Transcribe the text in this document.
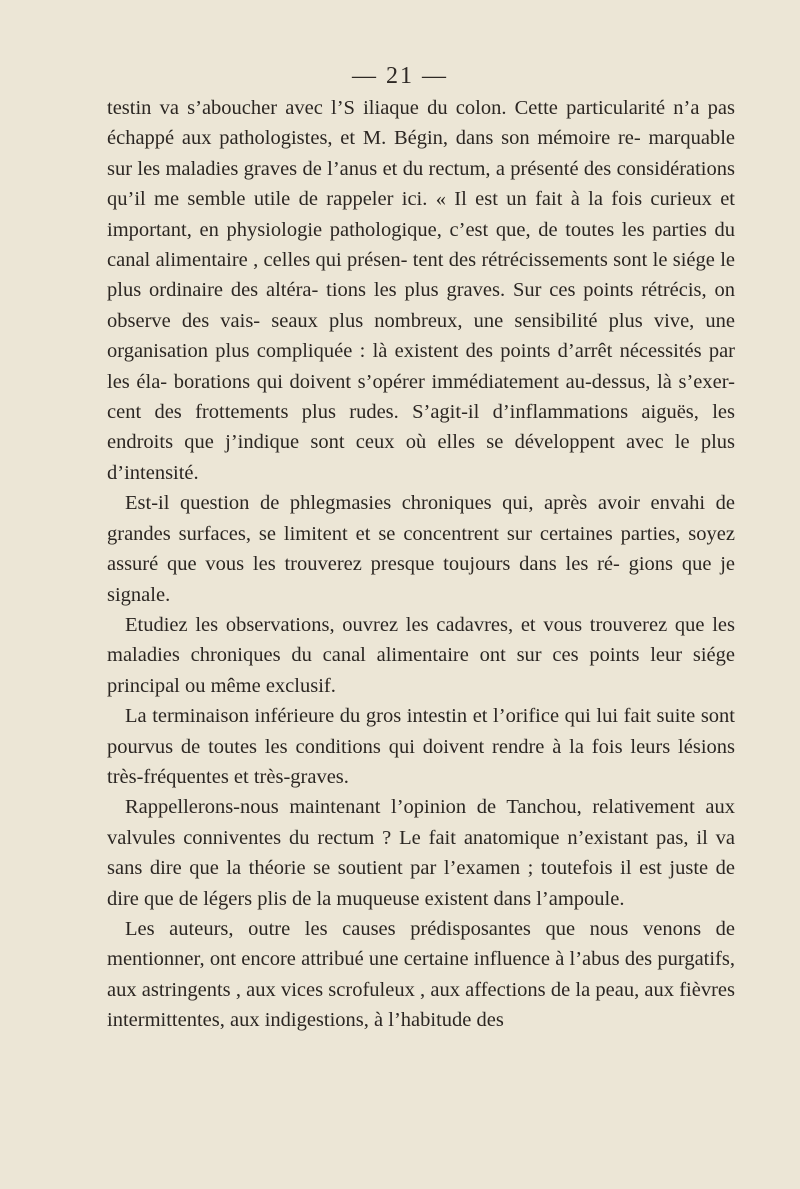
— 21 —

testin va s’aboucher avec l’S iliaque du colon. Cette particularité n’a pas échappé aux pathologistes, et M. Bégin, dans son mémoire re- marquable sur les maladies graves de l’anus et du rectum, a présenté des considérations qu’il me semble utile de rappeler ici. « Il est un fait à la fois curieux et important, en physiologie pathologique, c’est que, de toutes les parties du canal alimentaire , celles qui présen- tent des rétrécissements sont le siége le plus ordinaire des altéra- tions les plus graves. Sur ces points rétrécis, on observe des vais- seaux plus nombreux, une sensibilité plus vive, une organisation plus compliquée : là existent des points d’arrêt nécessités par les éla- borations qui doivent s’opérer immédiatement au-dessus, là s’exer- cent des frottements plus rudes. S’agit-il d’inflammations aiguës, les endroits que j’indique sont ceux où elles se développent avec le plus d’intensité.

Est-il question de phlegmasies chroniques qui, après avoir envahi de grandes surfaces, se limitent et se concentrent sur certaines parties, soyez assuré que vous les trouverez presque toujours dans les ré- gions que je signale.

Etudiez les observations, ouvrez les cadavres, et vous trouverez que les maladies chroniques du canal alimentaire ont sur ces points leur siége principal ou même exclusif.

La terminaison inférieure du gros intestin et l’orifice qui lui fait suite sont pourvus de toutes les conditions qui doivent rendre à la fois leurs lésions très-fréquentes et très-graves.

Rappellerons-nous maintenant l’opinion de Tanchou, relativement aux valvules conniventes du rectum ? Le fait anatomique n’existant pas, il va sans dire que la théorie se soutient par l’examen ; toutefois il est juste de dire que de légers plis de la muqueuse existent dans l’ampoule.

Les auteurs, outre les causes prédisposantes que nous venons de mentionner, ont encore attribué une certaine influence à l’abus des purgatifs, aux astringents , aux vices scrofuleux , aux affections de la peau, aux fièvres intermittentes, aux indigestions, à l’habitude des
